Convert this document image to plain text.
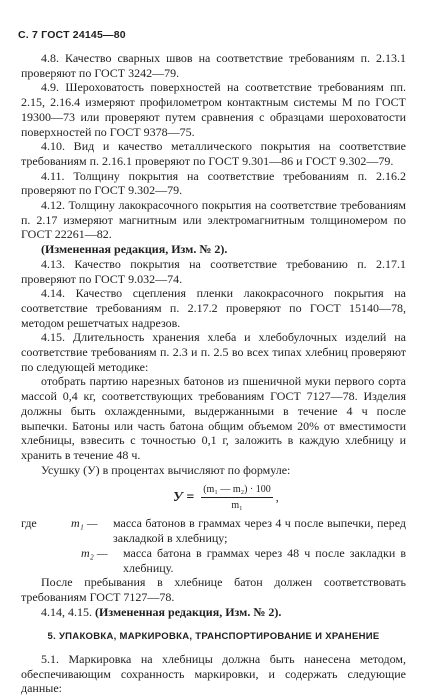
С. 7 ГОСТ 24145—80

4.8. Качество сварных швов на соответствие требованиям п. 2.13.1 проверяют по ГОСТ 3242—79.

4.9. Шероховатость поверхностей на соответствие требованиям пп. 2.15, 2.16.4 измеряют профилометром контактным системы М по ГОСТ 19300—73 или проверяют путем сравнения с образцами шероховатости поверхностей по ГОСТ 9378—75.

4.10. Вид и качество металлического покрытия на соответствие требованиям п. 2.16.1 проверяют по ГОСТ 9.301—86 и ГОСТ 9.302—79.

4.11. Толщину покрытия на соответствие требованиям п. 2.16.2 проверяют по ГОСТ 9.302—79.

4.12. Толщину лакокрасочного покрытия на соответствие требованиям п. 2.17 измеряют магнитным или электромагнитным толщиномером по ГОСТ 22261—82.

(Измененная редакция, Изм. № 2).

4.13. Качество покрытия на соответствие требованию п. 2.17.1 проверяют по ГОСТ 9.032—74.

4.14. Качество сцепления пленки лакокрасочного покрытия на соответствие требованиям п. 2.17.2 проверяют по ГОСТ 15140—78, методом решетчатых надрезов.

4.15. Длительность хранения хлеба и хлебобулочных изделий на соответствие требованиям п. 2.3 и п. 2.5 во всех типах хлебниц проверяют по следующей методике:

отобрать партию нарезных батонов из пшеничной муки первого сорта массой 0,4 кг, соответствующих требованиям ГОСТ 7127—78. Изделия должны быть охлажденными, выдержанными в течение 4 ч после выпечки. Батоны или часть батона общим объемом 20% от вместимости хлебницы, взвесить с точностью 0,1 г, заложить в каждую хлебницу и хранить в течение 48 ч.

Усушку (У) в процентах вычисляют по формуле:

$У = \frac{\text{(m₁ — m₂) · 100}}{\text{m₁}}$ ,
где	m₁ —	масса батонов в граммах через 4 ч после выпечки, перед закладкой в хлебницу;
m₂ —	масса батона в граммах через 48 ч после закладки в хлебницу.

После пребывания в хлебнице батон должен соответствовать требованиям ГОСТ 7127—78.

4.14, 4.15. (Измененная редакция, Изм. № 2).

5. УПАКОВКА, МАРКИРОВКА, ТРАНСПОРТИРОВАНИЕ И ХРАНЕНИЕ

5.1. Маркировка на хлебницы должна быть нанесена методом, обеспечивающим сохранность маркировки, и содержать следующие данные:
